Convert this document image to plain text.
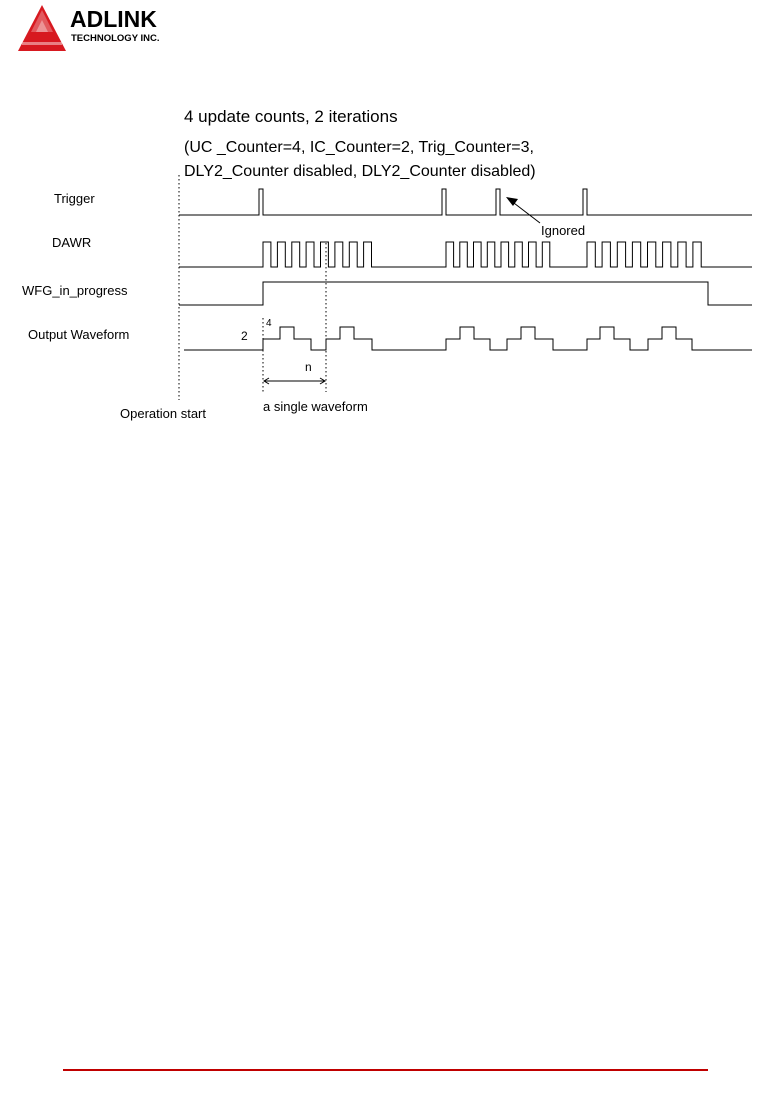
ADLINK
TECHNOLOGY INC.
4 update counts, 2 iterations
(UC _Counter=4, IC_Counter=2, Trig_Counter=3,
DLY2_Counter disabled, DLY2_Counter disabled)
Trigger
DAWR
WFG_in_progress
Output Waveform	2
4
n
Ignored
a single waveform
Operation start
